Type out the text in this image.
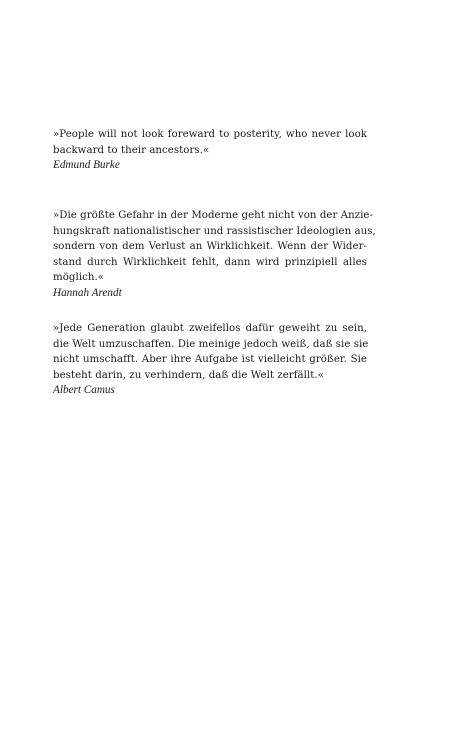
»People will not look foreward to posterity, who never look
backward to their ancestors.«

Edmund Burke

»Die größte Gefahr in der Moderne geht nicht von der Anzie-
hungskraft nationalistischer und rassistischer Ideologien aus,
sondern von dem Verlust an Wirklichkeit. Wenn der Wider-
stand durch Wirklichkeit fehlt, dann wird prinzipiell alles
möglich.«

Hannah Arendt

»Jede Generation glaubt zweifellos dafür geweiht zu sein,
die Welt umzuschaffen. Die meinige jedoch weiß, daß sie sie
nicht umschafft. Aber ihre Aufgabe ist vielleicht größer. Sie
besteht darin, zu verhindern, daß die Welt zerfällt.«

Albert Camus
